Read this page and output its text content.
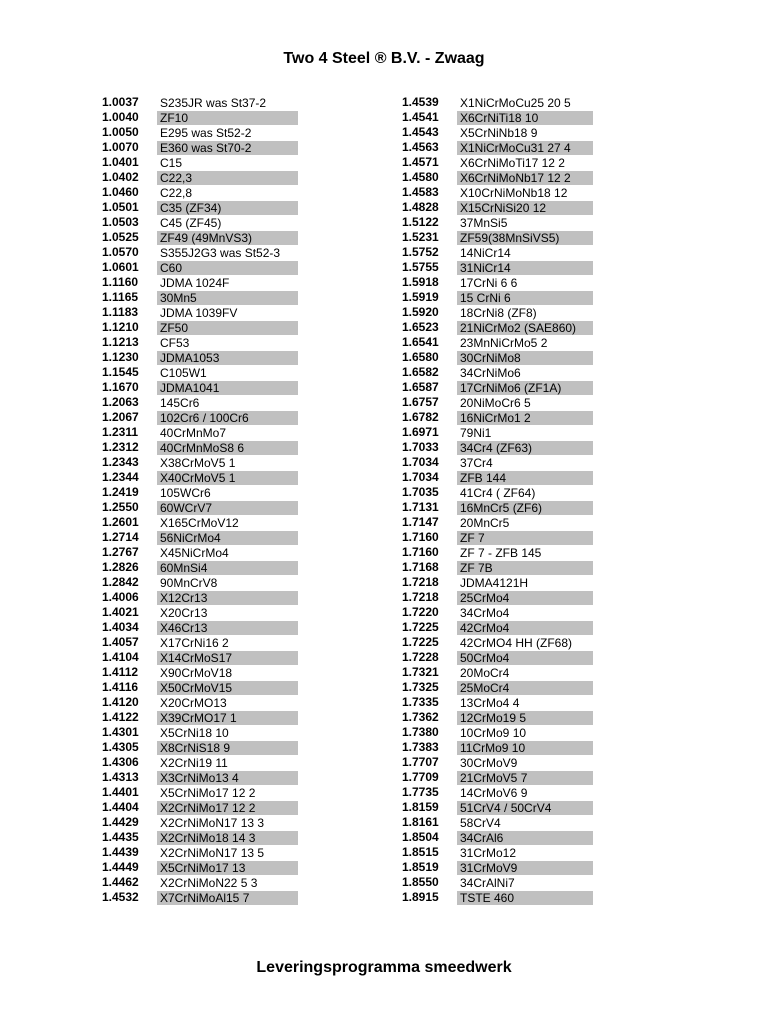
Two 4 Steel ® B.V. - Zwaag
1.0037	S235JR was St37-2
1.0040	ZF10
1.0050	E295 was St52-2
1.0070	E360 was St70-2
1.0401	C15
1.0402	C22,3
1.0460	C22,8
1.0501	C35 (ZF34)
1.0503	C45 (ZF45)
1.0525	ZF49 (49MnVS3)
1.0570	S355J2G3 was St52-3
1.0601	C60
1.1160	JDMA 1024F
1.1165	30Mn5
1.1183	JDMA 1039FV
1.1210	ZF50
1.1213	CF53
1.1230	JDMA1053
1.1545	C105W1
1.1670	JDMA1041
1.2063	145Cr6
1.2067	102Cr6 / 100Cr6
1.2311	40CrMnMo7
1.2312	40CrMnMoS8 6
1.2343	X38CrMoV5 1
1.2344	X40CrMoV5 1
1.2419	105WCr6
1.2550	60WCrV7
1.2601	X165CrMoV12
1.2714	56NiCrMo4
1.2767	X45NiCrMo4
1.2826	60MnSi4
1.2842	90MnCrV8
1.4006	X12Cr13
1.4021	X20Cr13
1.4034	X46Cr13
1.4057	X17CrNi16 2
1.4104	X14CrMoS17
1.4112	X90CrMoV18
1.4116	X50CrMoV15
1.4120	X20CrMO13
1.4122	X39CrMO17 1
1.4301	X5CrNi18 10
1.4305	X8CrNiS18 9
1.4306	X2CrNi19 11
1.4313	X3CrNiMo13 4
1.4401	X5CrNiMo17 12 2
1.4404	X2CrNiMo17 12 2
1.4429	X2CrNiMoN17 13 3
1.4435	X2CrNiMo18 14 3
1.4439	X2CrNiMoN17 13 5
1.4449	X5CrNiMo17 13
1.4462	X2CrNiMoN22 5 3
1.4532	X7CrNiMoAl15 7
1.4539	X1NiCrMoCu25 20 5
1.4541	X6CrNiTi18 10
1.4543	X5CrNiNb18 9
1.4563	X1NiCrMoCu31 27 4
1.4571	X6CrNiMoTi17 12 2
1.4580	X6CrNiMoNb17 12 2
1.4583	X10CrNiMoNb18 12
1.4828	X15CrNiSi20 12
1.5122	37MnSi5
1.5231	ZF59(38MnSiVS5)
1.5752	14NiCr14
1.5755	31NiCr14
1.5918	17CrNi 6 6
1.5919	15 CrNi 6
1.5920	18CrNi8 (ZF8)
1.6523	21NiCrMo2 (SAE860)
1.6541	23MnNiCrMo5 2
1.6580	30CrNiMo8
1.6582	34CrNiMo6
1.6587	17CrNiMo6 (ZF1A)
1.6757	20NiMoCr6 5
1.6782	16NiCrMo1 2
1.6971	79Ni1
1.7033	34Cr4 (ZF63)
1.7034	37Cr4
1.7034	ZFB 144
1.7035	41Cr4 ( ZF64)
1.7131	16MnCr5 (ZF6)
1.7147	20MnCr5
1.7160	ZF 7
1.7160	ZF 7 - ZFB 145
1.7168	ZF 7B
1.7218	JDMA4121H
1.7218	25CrMo4
1.7220	34CrMo4
1.7225	42CrMo4
1.7225	42CrMO4 HH (ZF68)
1.7228	50CrMo4
1.7321	20MoCr4
1.7325	25MoCr4
1.7335	13CrMo4 4
1.7362	12CrMo19 5
1.7380	10CrMo9 10
1.7383	11CrMo9 10
1.7707	30CrMoV9
1.7709	21CrMoV5 7
1.7735	14CrMoV6 9
1.8159	51CrV4 / 50CrV4
1.8161	58CrV4
1.8504	34CrAl6
1.8515	31CrMo12
1.8519	31CrMoV9
1.8550	34CrAlNi7
1.8915	TSTE 460
Leveringsprogramma smeedwerk
